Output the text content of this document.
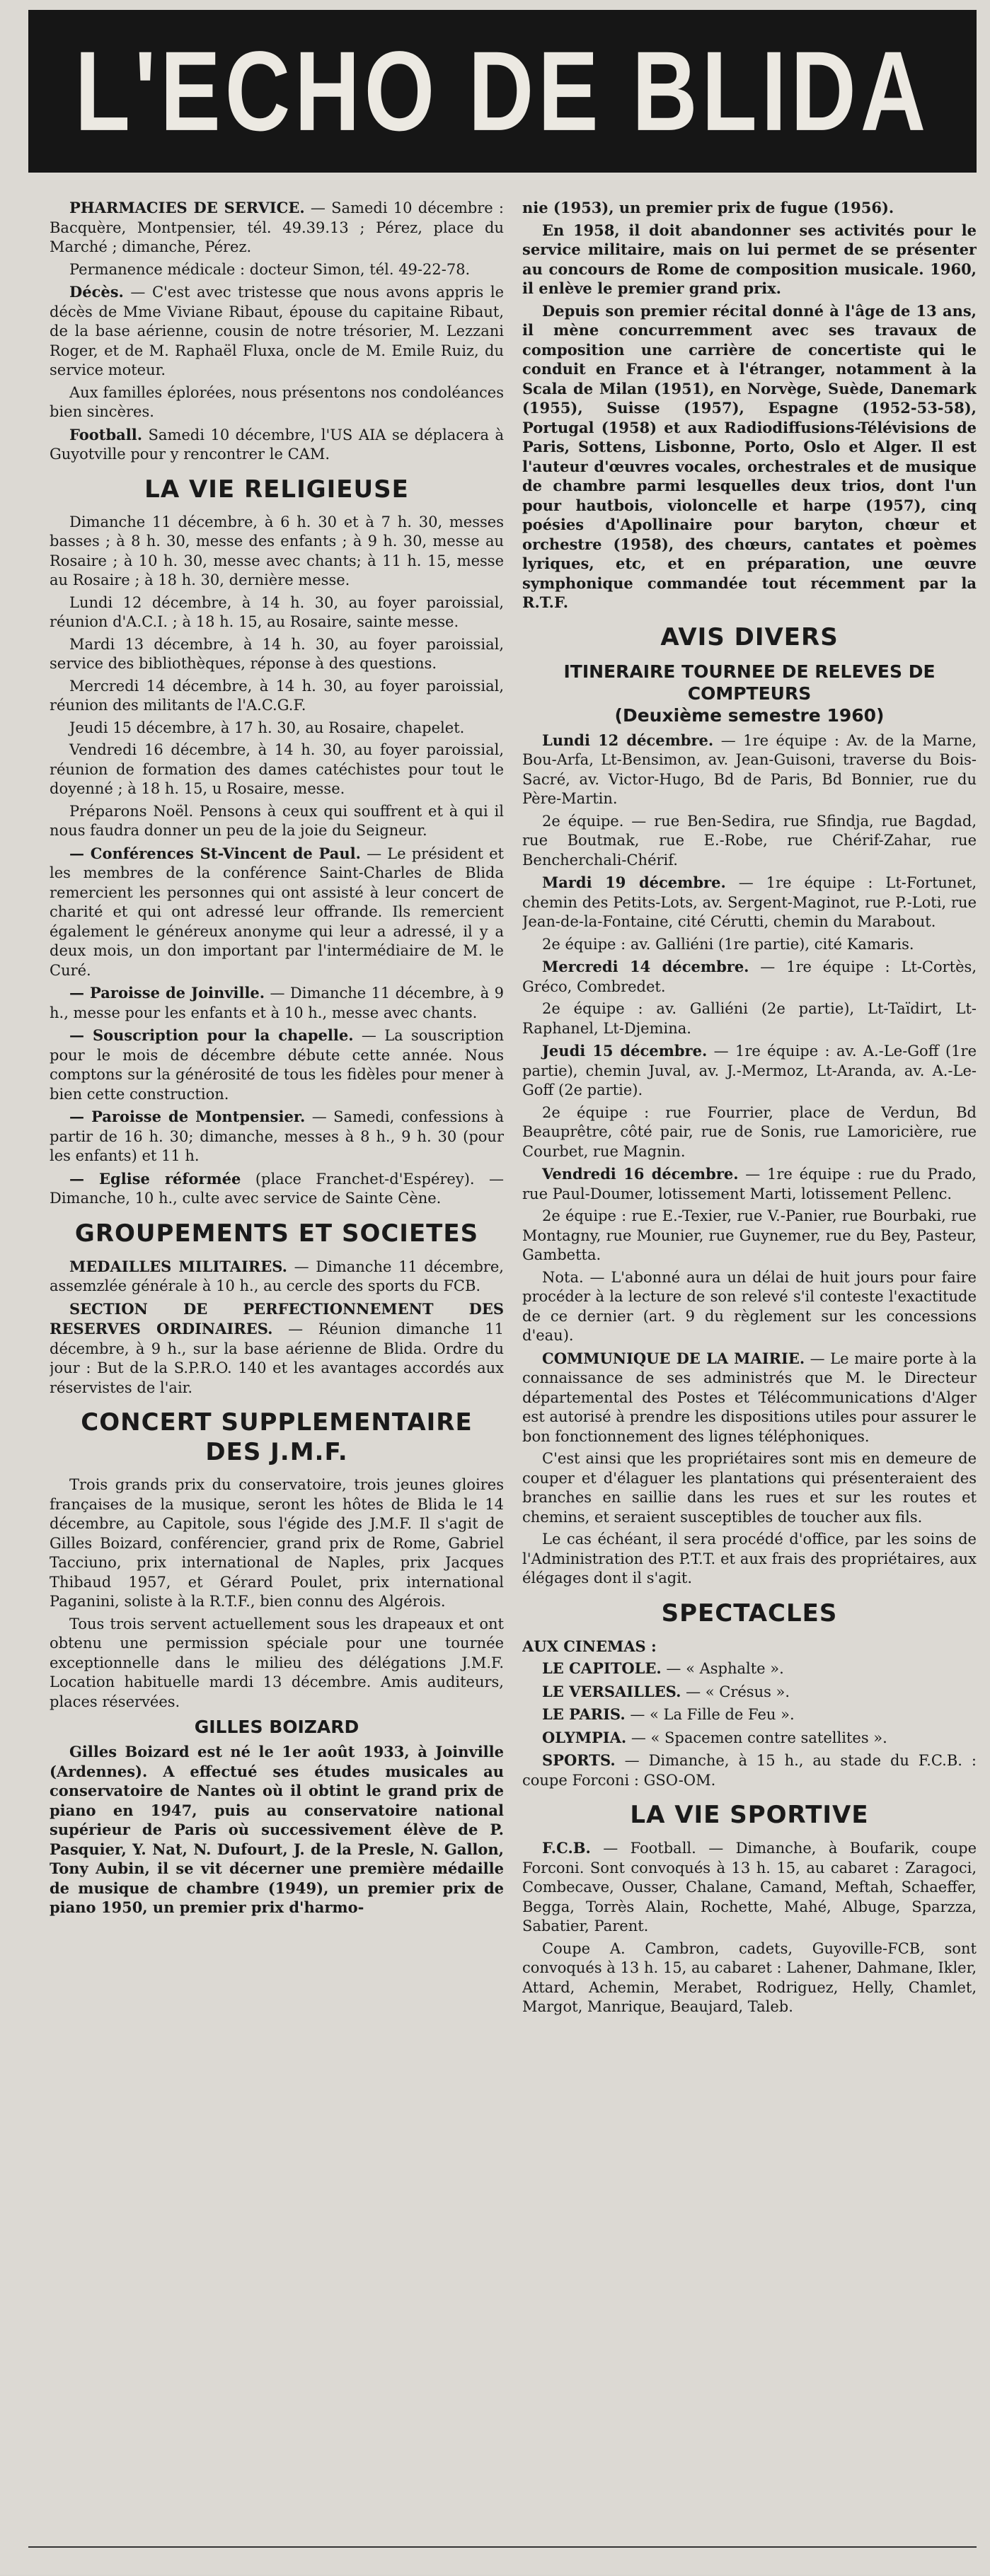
L'ECHO DE BLIDA

PHARMACIES DE SERVICE. — Samedi 10 décembre : Bacquère, Montpensier, tél. 49.39.13 ; Pérez, place du Marché ; dimanche, Pérez.

Permanence médicale : docteur Simon, tél. 49-22-78.

Décès. — C'est avec tristesse que nous avons appris le décès de Mme Viviane Ribaut, épouse du capitaine Ribaut, de la base aérienne, cousin de notre trésorier, M. Lezzani Roger, et de M. Raphaël Fluxa, oncle de M. Emile Ruiz, du service moteur.

Aux familles éplorées, nous présentons nos condoléances bien sincères.

Football. Samedi 10 décembre, l'US AIA se déplacera à Guyotville pour y rencontrer le CAM.

LA VIE RELIGIEUSE

Dimanche 11 décembre, à 6 h. 30 et à 7 h. 30, messes basses ; à 8 h. 30, messe des enfants ; à 9 h. 30, messe au Rosaire ; à 10 h. 30, messe avec chants; à 11 h. 15, messe au Rosaire ; à 18 h. 30, dernière messe.

Lundi 12 décembre, à 14 h. 30, au foyer paroissial, réunion d'A.C.I. ; à 18 h. 15, au Rosaire, sainte messe.

Mardi 13 décembre, à 14 h. 30, au foyer paroissial, service des bibliothèques, réponse à des questions.

Mercredi 14 décembre, à 14 h. 30, au foyer paroissial, réunion des militants de l'A.C.G.F.

Jeudi 15 décembre, à 17 h. 30, au Rosaire, chapelet.

Vendredi 16 décembre, à 14 h. 30, au foyer paroissial, réunion de formation des dames catéchistes pour tout le doyenné ; à 18 h. 15, u Rosaire, messe.

Préparons Noël. Pensons à ceux qui souffrent et à qui il nous faudra donner un peu de la joie du Seigneur.

— Conférences St-Vincent de Paul. — Le président et les membres de la conférence Saint-Charles de Blida remercient les personnes qui ont assisté à leur concert de charité et qui ont adressé leur offrande. Ils remercient également le généreux anonyme qui leur a adressé, il y a deux mois, un don important par l'intermédiaire de M. le Curé.

— Paroisse de Joinville. — Dimanche 11 décembre, à 9 h., messe pour les enfants et à 10 h., messe avec chants.

— Souscription pour la chapelle. — La souscription pour le mois de décembre débute cette année. Nous comptons sur la générosité de tous les fidèles pour mener à bien cette construction.

— Paroisse de Montpensier. — Samedi, confessions à partir de 16 h. 30; dimanche, messes à 8 h., 9 h. 30 (pour les enfants) et 11 h.

— Eglise réformée (place Franchet-d'Espérey). — Dimanche, 10 h., culte avec service de Sainte Cène.

GROUPEMENTS ET SOCIETES

MEDAILLES MILITAIRES. — Dimanche 11 décembre, assemzlée générale à 10 h., au cercle des sports du FCB.

SECTION DE PERFECTIONNEMENT DES RESERVES ORDINAIRES. — Réunion dimanche 11 décembre, à 9 h., sur la base aérienne de Blida. Ordre du jour : But de la S.P.R.O. 140 et les avantages accordés aux réservistes de l'air.

CONCERT SUPPLEMENTAIRE
DES J.M.F.

Trois grands prix du conservatoire, trois jeunes gloires françaises de la musique, seront les hôtes de Blida le 14 décembre, au Capitole, sous l'égide des J.M.F. Il s'agit de Gilles Boizard, conférencier, grand prix de Rome, Gabriel Tacciuno, prix international de Naples, prix Jacques Thibaud 1957, et Gérard Poulet, prix international Paganini, soliste à la R.T.F., bien connu des Algérois.

Tous trois servent actuellement sous les drapeaux et ont obtenu une permission spéciale pour une tournée exceptionnelle dans le milieu des délégations J.M.F. Location habituelle mardi 13 décembre. Amis auditeurs, places réservées.

GILLES BOIZARD

Gilles Boizard est né le 1er août 1933, à Joinville (Ardennes). A effectué ses études musicales au conservatoire de Nantes où il obtint le grand prix de piano en 1947, puis au conservatoire national supérieur de Paris où successivement élève de P. Pasquier, Y. Nat, N. Dufourt, J. de la Presle, N. Gallon, Tony Aubin, il se vit décerner une première médaille de musique de chambre (1949), un premier prix de piano 1950, un premier prix d'harmo-

nie (1953), un premier prix de fugue (1956).

En 1958, il doit abandonner ses activités pour le service militaire, mais on lui permet de se présenter au concours de Rome de composition musicale. 1960, il enlève le premier grand prix.

Depuis son premier récital donné à l'âge de 13 ans, il mène concurremment avec ses travaux de composition une carrière de concertiste qui le conduit en France et à l'étranger, notamment à la Scala de Milan (1951), en Norvège, Suède, Danemark (1955), Suisse (1957), Espagne (1952-53-58), Portugal (1958) et aux Radiodiffusions-Télévisions de Paris, Sottens, Lisbonne, Porto, Oslo et Alger. Il est l'auteur d'œuvres vocales, orchestrales et de musique de chambre parmi lesquelles deux trios, dont l'un pour hautbois, violoncelle et harpe (1957), cinq poésies d'Apollinaire pour baryton, chœur et orchestre (1958), des chœurs, cantates et poèmes lyriques, etc, et en préparation, une œuvre symphonique commandée tout récemment par la R.T.F.

AVIS DIVERS
ITINERAIRE TOURNEE DE RELEVES DE COMPTEURS
(Deuxième semestre 1960)

Lundi 12 décembre. — 1re équipe : Av. de la Marne, Bou-Arfa, Lt-Bensimon, av. Jean-Guisoni, traverse du Bois-Sacré, av. Victor-Hugo, Bd de Paris, Bd Bonnier, rue du Père-Martin.

2e équipe. — rue Ben-Sedira, rue Sfindja, rue Bagdad, rue Boutmak, rue E.-Robe, rue Chérif-Zahar, rue Bencherchali-Chérif.

Mardi 19 décembre. — 1re équipe : Lt-Fortunet, chemin des Petits-Lots, av. Sergent-Maginot, rue P.-Loti, rue Jean-de-la-Fontaine, cité Cérutti, chemin du Marabout.

2e équipe : av. Galliéni (1re partie), cité Kamaris.

Mercredi 14 décembre. — 1re équipe : Lt-Cortès, Gréco, Combredet.

2e équipe : av. Galliéni (2e partie), Lt-Taïdirt, Lt-Raphanel, Lt-Djemina.

Jeudi 15 décembre. — 1re équipe : av. A.-Le-Goff (1re partie), chemin Juval, av. J.-Mermoz, Lt-Aranda, av. A.-Le-Goff (2e partie).

2e équipe : rue Fourrier, place de Verdun, Bd Beauprêtre, côté pair, rue de Sonis, rue Lamoricière, rue Courbet, rue Magnin.

Vendredi 16 décembre. — 1re équipe : rue du Prado, rue Paul-Doumer, lotissement Marti, lotissement Pellenc.

2e équipe : rue E.-Texier, rue V.-Panier, rue Bourbaki, rue Montagny, rue Mounier, rue Guynemer, rue du Bey, Pasteur, Gambetta.

Nota. — L'abonné aura un délai de huit jours pour faire procéder à la lecture de son relevé s'il conteste l'exactitude de ce dernier (art. 9 du règlement sur les concessions d'eau).

COMMUNIQUE DE LA MAIRIE. — Le maire porte à la connaissance de ses administrés que M. le Directeur départemental des Postes et Télécommunications d'Alger est autorisé à prendre les dispositions utiles pour assurer le bon fonctionnement des lignes téléphoniques.

C'est ainsi que les propriétaires sont mis en demeure de couper et d'élaguer les plantations qui présenteraient des branches en saillie dans les rues et sur les routes et chemins, et seraient susceptibles de toucher aux fils.

Le cas échéant, il sera procédé d'office, par les soins de l'Administration des P.T.T. et aux frais des propriétaires, aux élégages dont il s'agit.

SPECTACLES

AUX CINEMAS :

LE CAPITOLE. — « Asphalte ».

LE VERSAILLES. — « Crésus ».

LE PARIS. — « La Fille de Feu ».

OLYMPIA. — « Spacemen contre satellites ».

SPORTS. — Dimanche, à 15 h., au stade du F.C.B. : coupe Forconi : GSO-OM.

LA VIE SPORTIVE

F.C.B. — Football. — Dimanche, à Boufarik, coupe Forconi. Sont convoqués à 13 h. 15, au cabaret : Zaragoci, Combecave, Ousser, Chalane, Camand, Meftah, Schaeffer, Begga, Torrès Alain, Rochette, Mahé, Albuge, Sparzza, Sabatier, Parent.

Coupe A. Cambron, cadets, Guyoville-FCB, sont convoqués à 13 h. 15, au cabaret : Lahener, Dahmane, Ikler, Attard, Achemin, Merabet, Rodriguez, Helly, Chamlet, Margot, Manrique, Beaujard, Taleb.
